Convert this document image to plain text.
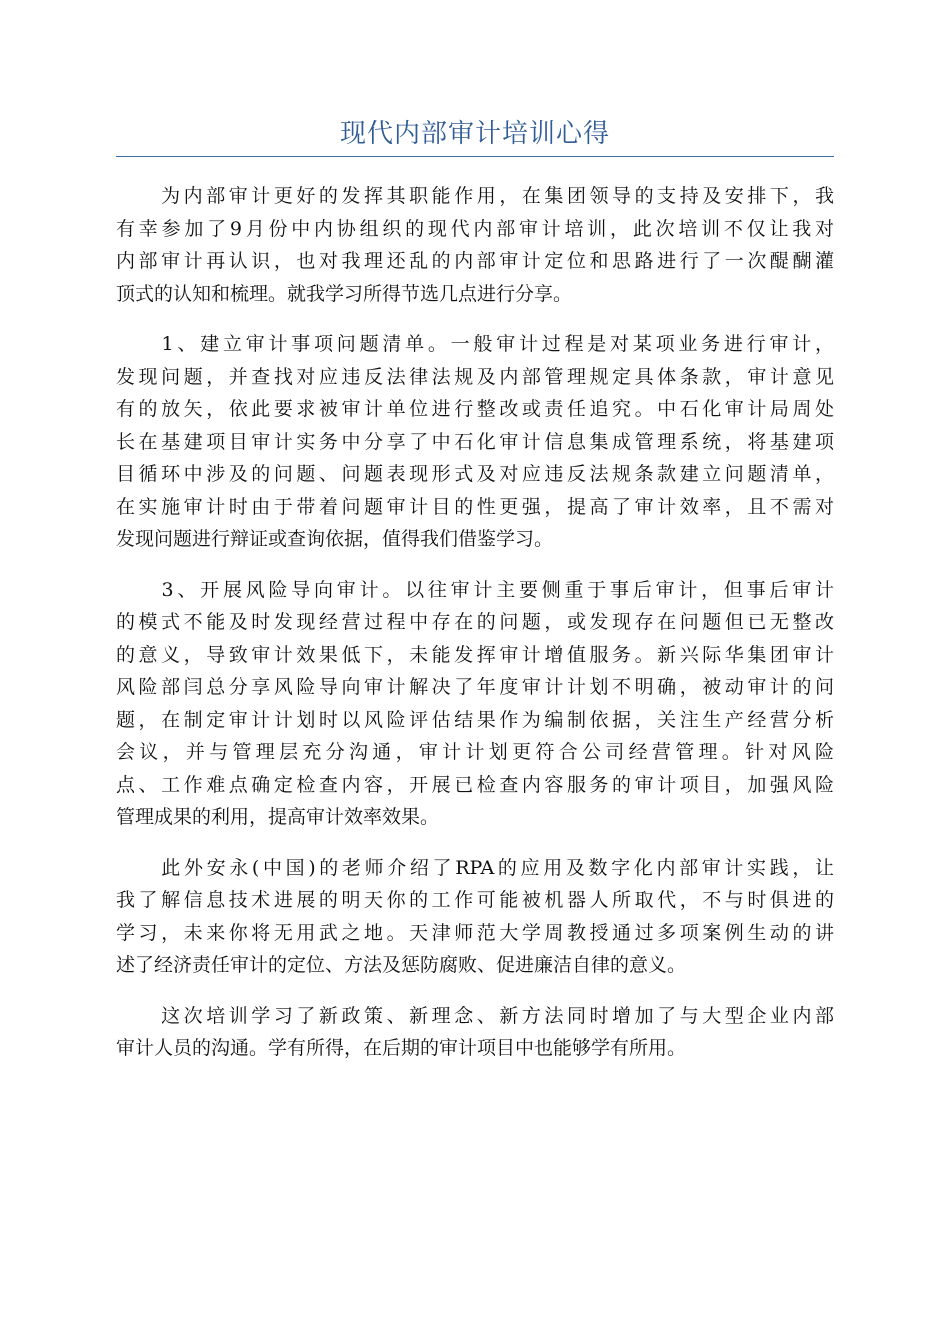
现代内部审计培训心得
　　为内部审计更好的发挥其职能作用，在集团领导的支持及安排下，我
有幸参加了9月份中内协组织的现代内部审计培训，此次培训不仅让我对
内部审计再认识，也对我理还乱的内部审计定位和思路进行了一次醍醐灌
顶式的认知和梳理。就我学习所得节选几点进行分享。
　　1、建立审计事项问题清单。一般审计过程是对某项业务进行审计，
发现问题，并查找对应违反法律法规及内部管理规定具体条款，审计意见
有的放矢，依此要求被审计单位进行整改或责任追究。中石化审计局周处
长在基建项目审计实务中分享了中石化审计信息集成管理系统，将基建项
目循环中涉及的问题、问题表现形式及对应违反法规条款建立问题清单，
在实施审计时由于带着问题审计目的性更强，提高了审计效率，且不需对
发现问题进行辩证或查询依据，值得我们借鉴学习。
　　3、开展风险导向审计。以往审计主要侧重于事后审计，但事后审计
的模式不能及时发现经营过程中存在的问题，或发现存在问题但已无整改
的意义，导致审计效果低下，未能发挥审计增值服务。新兴际华集团审计
风险部闫总分享风险导向审计解决了年度审计计划不明确，被动审计的问
题，在制定审计计划时以风险评估结果作为编制依据，关注生产经营分析
会议，并与管理层充分沟通，审计计划更符合公司经营管理。针对风险
点、工作难点确定检查内容，开展已检查内容服务的审计项目，加强风险
管理成果的利用，提高审计效率效果。
　　此外安永(中国)的老师介绍了RPA的应用及数字化内部审计实践，让
我了解信息技术进展的明天你的工作可能被机器人所取代，不与时俱进的
学习，未来你将无用武之地。天津师范大学周教授通过多项案例生动的讲
述了经济责任审计的定位、方法及惩防腐败、促进廉洁自律的意义。
　　这次培训学习了新政策、新理念、新方法同时增加了与大型企业内部
审计人员的沟通。学有所得，在后期的审计项目中也能够学有所用。
